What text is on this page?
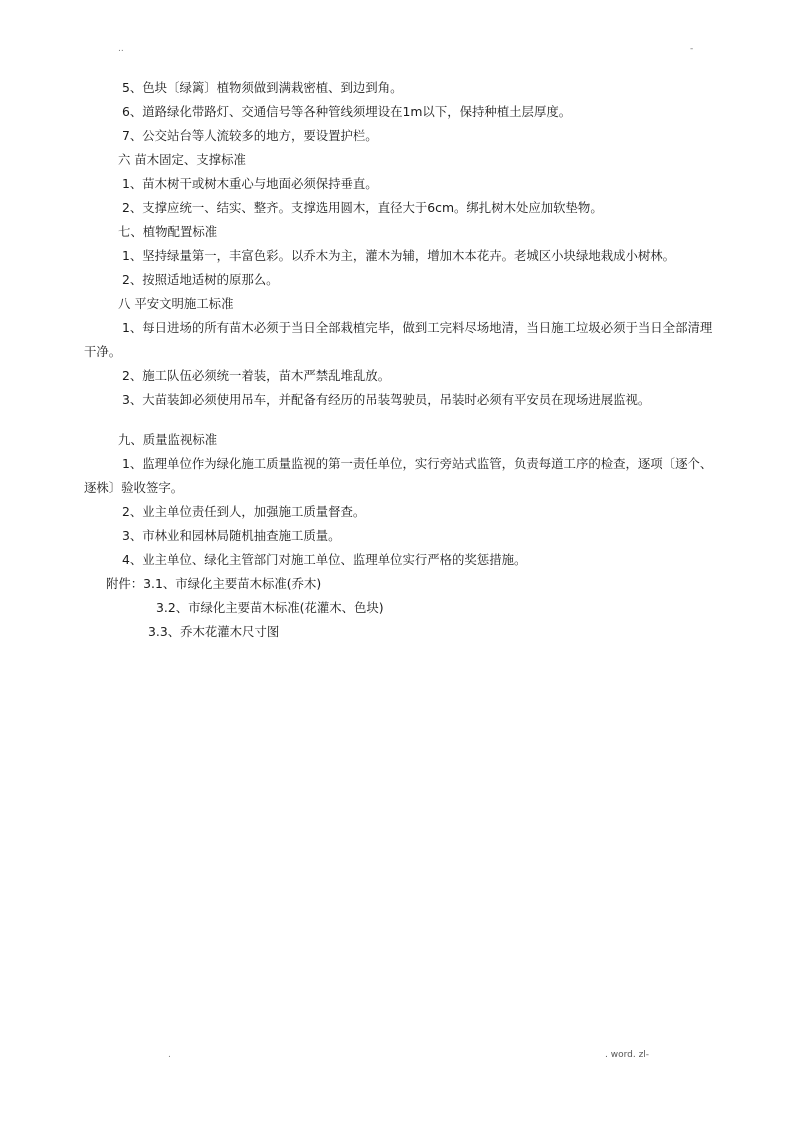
..	-
5、色块〔绿篱〕植物须做到满栽密植、到边到角。
6、道路绿化带路灯、交通信号等各种管线须埋设在1m以下，保持种植土层厚度。
7、公交站台等人流较多的地方，要设置护栏。
六 苗木固定、支撑标准
1、苗木树干或树木重心与地面必须保持垂直。
2、支撑应统一、结实、整齐。支撑选用圆木，直径大于6cm。绑扎树木处应加软垫物。
七、植物配置标准
1、坚持绿量第一，丰富色彩。以乔木为主，灌木为辅，增加木本花卉。老城区小块绿地栽成小树林。
2、按照适地适树的原那么。
八 平安文明施工标准
1、每日进场的所有苗木必须于当日全部栽植完毕，做到工完料尽场地清，当日施工垃圾必须于当日全部清理干净。
2、施工队伍必须统一着装，苗木严禁乱堆乱放。
3、大苗装卸必须使用吊车，并配备有经历的吊装驾驶员，吊装时必须有平安员在现场进展监视。
九、质量监视标准
1、监理单位作为绿化施工质量监视的第一责任单位，实行旁站式监管，负责每道工序的检查，逐项〔逐个、逐株〕验收签字。
2、业主单位责任到人，加强施工质量督查。
3、市林业和园林局随机抽查施工质量。
4、业主单位、绿化主管部门对施工单位、监理单位实行严格的奖惩措施。
附件：3.1、市绿化主要苗木标准(乔木)
3.2、市绿化主要苗木标准(花灌木、色块)
3.3、乔木花灌木尺寸图
.	. word. zl-
